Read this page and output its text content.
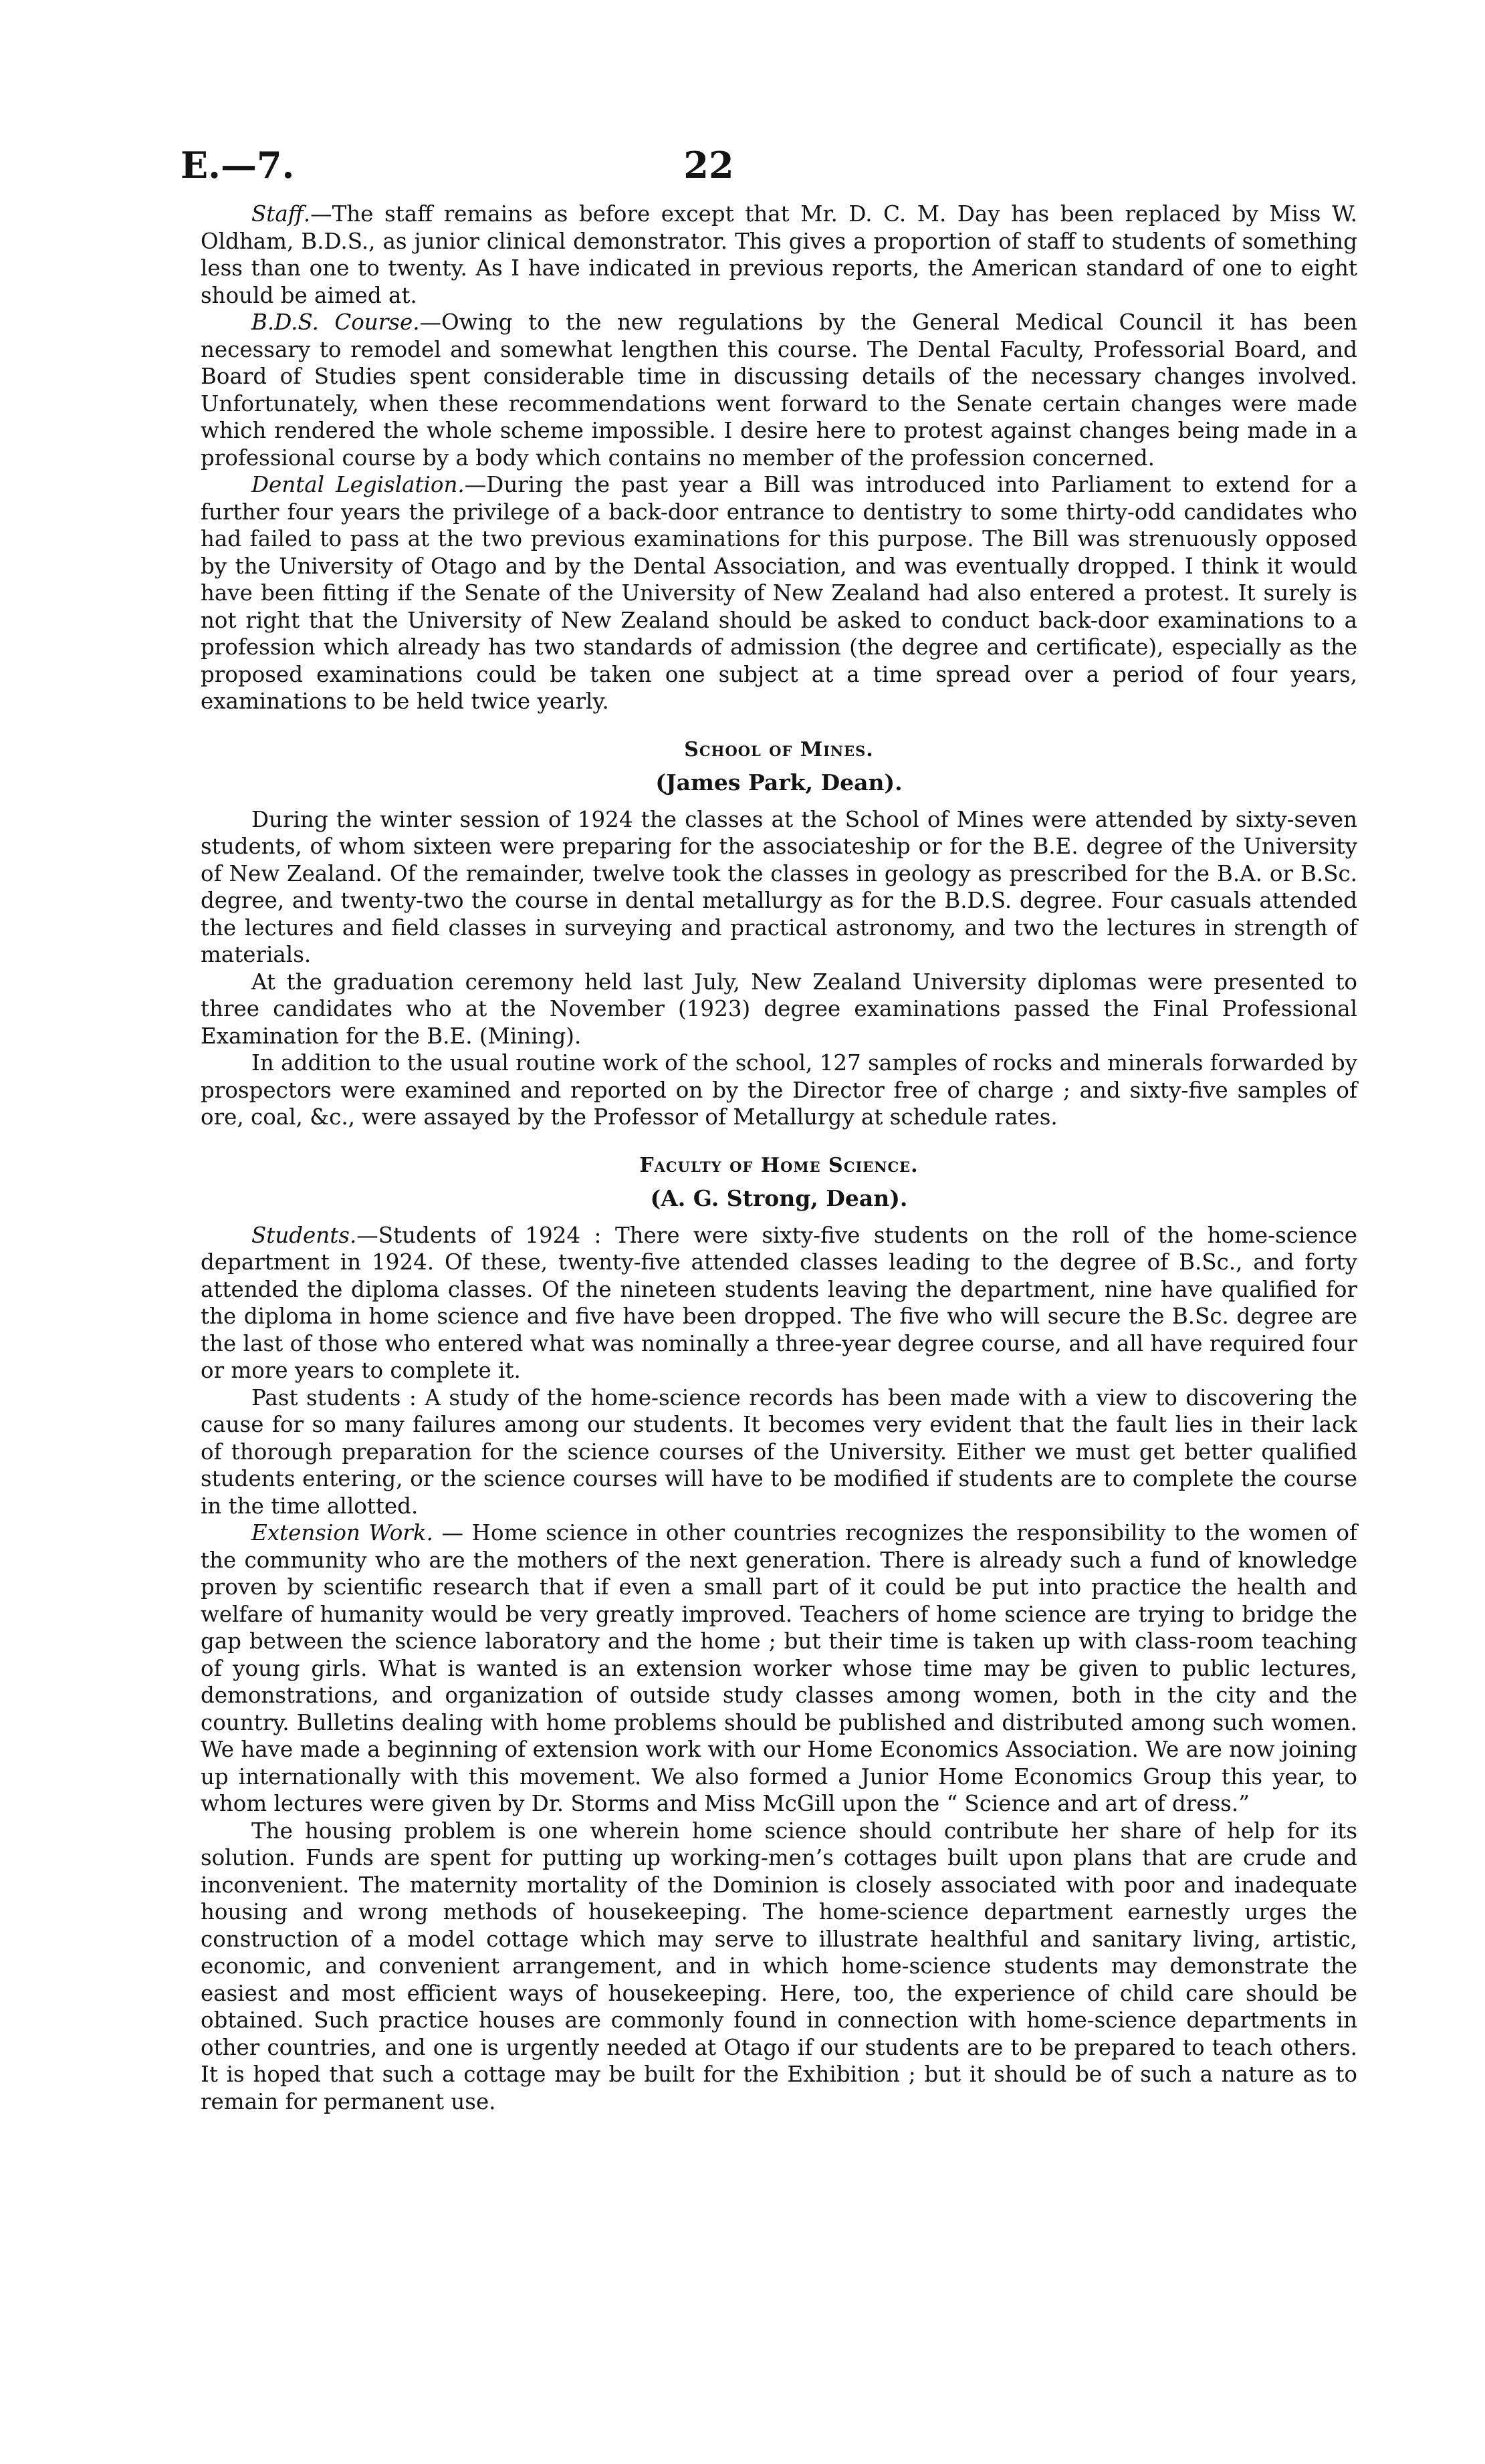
E.—7.	22

Staff.—The staff remains as before except that Mr. D. C. M. Day has been replaced by Miss W. Oldham, B.D.S., as junior clinical demonstrator. This gives a proportion of staff to students of something less than one to twenty. As I have indicated in previous reports, the American standard of one to eight should be aimed at.

B.D.S. Course.—Owing to the new regulations by the General Medical Council it has been necessary to remodel and somewhat lengthen this course. The Dental Faculty, Professorial Board, and Board of Studies spent considerable time in discussing details of the necessary changes involved. Unfortunately, when these recommendations went forward to the Senate certain changes were made which rendered the whole scheme impossible. I desire here to protest against changes being made in a professional course by a body which contains no member of the profession concerned.

Dental Legislation.—During the past year a Bill was introduced into Parliament to extend for a further four years the privilege of a back-door entrance to dentistry to some thirty-odd candidates who had failed to pass at the two previous examinations for this purpose. The Bill was strenuously opposed by the University of Otago and by the Dental Association, and was eventually dropped. I think it would have been fitting if the Senate of the University of New Zealand had also entered a protest. It surely is not right that the University of New Zealand should be asked to conduct back-door examinations to a profession which already has two standards of admission (the degree and certificate), especially as the proposed examinations could be taken one subject at a time spread over a period of four years, examinations to be held twice yearly.

School of Mines.
(James Park, Dean).

During the winter session of 1924 the classes at the School of Mines were attended by sixty-seven students, of whom sixteen were preparing for the associateship or for the B.E. degree of the University of New Zealand. Of the remainder, twelve took the classes in geology as prescribed for the B.A. or B.Sc. degree, and twenty-two the course in dental metallurgy as for the B.D.S. degree. Four casuals attended the lectures and field classes in surveying and practical astronomy, and two the lectures in strength of materials.

At the graduation ceremony held last July, New Zealand University diplomas were presented to three candidates who at the November (1923) degree examinations passed the Final Professional Examination for the B.E. (Mining).

In addition to the usual routine work of the school, 127 samples of rocks and minerals forwarded by prospectors were examined and reported on by the Director free of charge ; and sixty-five samples of ore, coal, &c., were assayed by the Professor of Metallurgy at schedule rates.

Faculty of Home Science.
(A. G. Strong, Dean).

Students.—Students of 1924 : There were sixty-five students on the roll of the home-science department in 1924. Of these, twenty-five attended classes leading to the degree of B.Sc., and forty attended the diploma classes. Of the nineteen students leaving the department, nine have qualified for the diploma in home science and five have been dropped. The five who will secure the B.Sc. degree are the last of those who entered what was nominally a three-year degree course, and all have required four or more years to complete it.

Past students : A study of the home-science records has been made with a view to discovering the cause for so many failures among our students. It becomes very evident that the fault lies in their lack of thorough preparation for the science courses of the University. Either we must get better qualified students entering, or the science courses will have to be modified if students are to complete the course in the time allotted.

Extension Work. — Home science in other countries recognizes the responsibility to the women of the community who are the mothers of the next generation. There is already such a fund of knowledge proven by scientific research that if even a small part of it could be put into practice the health and welfare of humanity would be very greatly improved. Teachers of home science are trying to bridge the gap between the science laboratory and the home ; but their time is taken up with class-room teaching of young girls. What is wanted is an extension worker whose time may be given to public lectures, demonstrations, and organization of outside study classes among women, both in the city and the country. Bulletins dealing with home problems should be published and distributed among such women. We have made a beginning of extension work with our Home Economics Association. We are now joining up internationally with this movement. We also formed a Junior Home Economics Group this year, to whom lectures were given by Dr. Storms and Miss McGill upon the “ Science and art of dress.”

The housing problem is one wherein home science should contribute her share of help for its solution. Funds are spent for putting up working-men’s cottages built upon plans that are crude and inconvenient. The maternity mortality of the Dominion is closely associated with poor and inadequate housing and wrong methods of housekeeping. The home-science department earnestly urges the construction of a model cottage which may serve to illustrate healthful and sanitary living, artistic, economic, and convenient arrangement, and in which home-science students may demonstrate the easiest and most efficient ways of housekeeping. Here, too, the experience of child care should be obtained. Such practice houses are commonly found in connection with home-science departments in other countries, and one is urgently needed at Otago if our students are to be prepared to teach others. It is hoped that such a cottage may be built for the Exhibition ; but it should be of such a nature as to remain for permanent use.
